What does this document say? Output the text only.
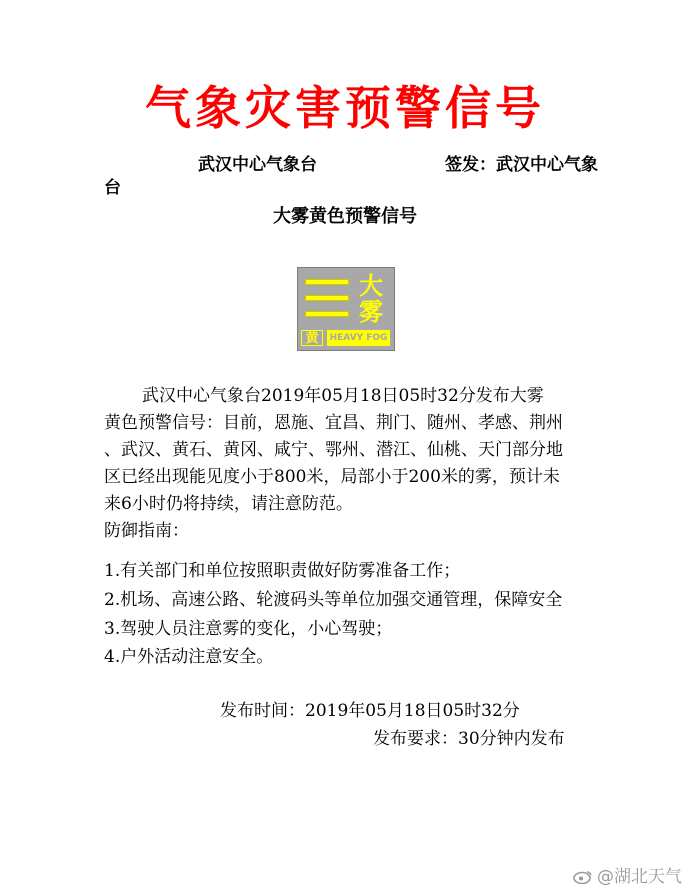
气象灾害预警信号
武汉中心气象台	签发：武汉中心气象
台
大雾黄色预警信号
大雾
黄	HEAVY FOG
武汉中心气象台2019年05月18日05时32分发布大雾
黄色预警信号：目前，恩施、宜昌、荆门、随州、孝感、荆州
、武汉、黄石、黄冈、咸宁、鄂州、潜江、仙桃、天门部分地
区已经出现能见度小于800米，局部小于200米的雾，预计未
来6小时仍将持续，请注意防范。
防御指南：
1.有关部门和单位按照职责做好防雾准备工作；
2.机场、高速公路、轮渡码头等单位加强交通管理，保障安全
3.驾驶人员注意雾的变化，小心驾驶；
4.户外活动注意安全。
发布时间：2019年05月18日05时32分
发布要求：30分钟内发布
@湖北天气
